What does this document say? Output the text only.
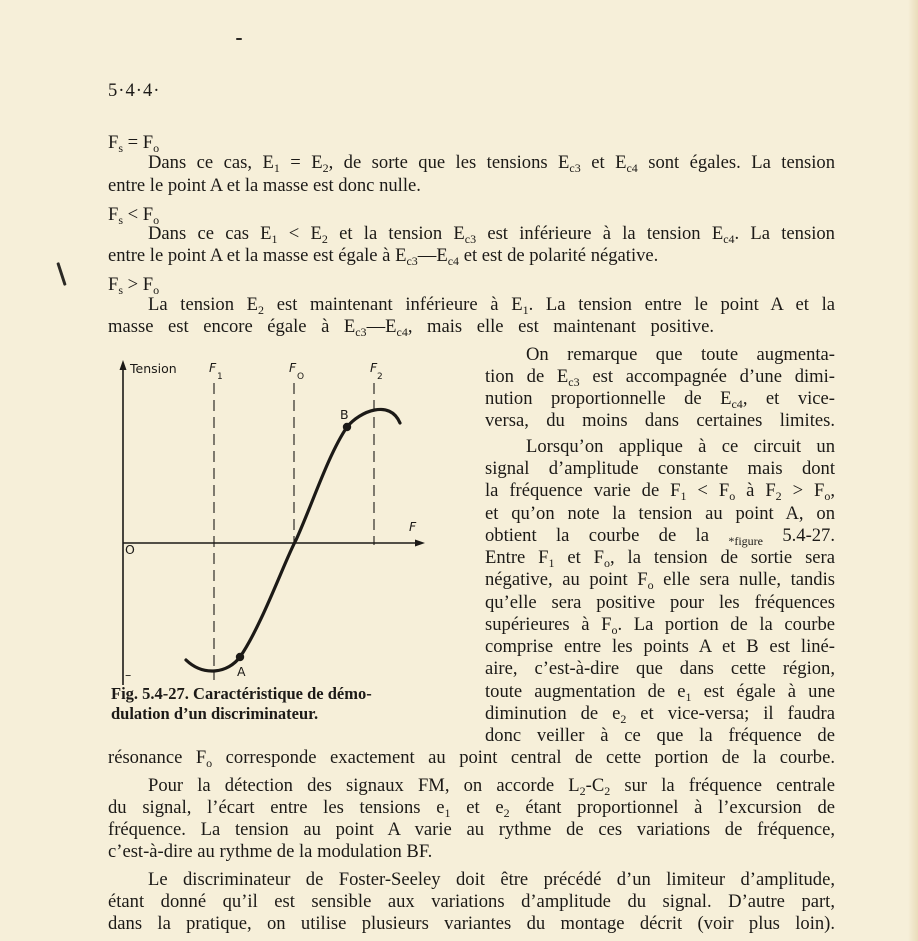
5·4·4·

$F_s = F_o$

Dans ce cas, $E_1 = E_2$, de sorte que les tensions $E_{c3}$ et $E_{c4}$ sont égales. La tension

entre le point A et la masse est donc nulle.

$F_s < F_o$

Dans ce cas $E_1 < E_2$ et la tension $E_{c3}$ est inférieure à la tension $E_{c4}$. La tension

entre le point A et la masse est égale à $E_{c3}—E_{c4}$ et est de polarité négative.

$F_s > F_o$

La tension $E_2$ est maintenant inférieure à $E_1$. La tension entre le point A et la

masse est encore égale à $E_{c3}—E_{c4}$, mais elle est maintenant positive.

On remarque que toute augmenta-

tion de $E_{c3}$ est accompagnée d’une dimi-

nution proportionnelle de $E_{c4}$, et vice-

versa, du moins dans certaines limites.

Lorsqu’on applique à ce circuit un

signal d’amplitude constante mais dont

la fréquence varie de $F_1 < F_o$ à $F_2 > F_o$,

et qu’on note la tension au point A, on

obtient la courbe de la $_{*figure}$ 5.4-27.

Entre $F_1$ et $F_o$, la tension de sortie sera

négative, au point $F_o$ elle sera nulle, tandis

qu’elle sera positive pour les fréquences

supérieures à $F_o$. La portion de la courbe

comprise entre les points A et B est liné-

aire, c’est-à-dire que dans cette région,

toute augmentation de $e_1$ est égale à une

diminution de $e_2$ et vice-versa; il faudra

donc veiller à ce que la fréquence de

Tension
F
O
–
F
1
F
O
F
2
A
B

Fig. 5.4-27. Caractéristique de démo-
dulation d’un discriminateur.

résonance $F_o$ corresponde exactement au point central de cette portion de la courbe.

Pour la détection des signaux FM, on accorde $L_2-C_2$ sur la fréquence centrale

du signal, l’écart entre les tensions $e_1$ et $e_2$ étant proportionnel à l’excursion de

fréquence. La tension au point A varie au rythme de ces variations de fréquence,

c’est-à-dire au rythme de la modulation BF.

Le discriminateur de Foster-Seeley doit être précédé d’un limiteur d’amplitude,

étant donné qu’il est sensible aux variations d’amplitude du signal. D’autre part,

dans la pratique, on utilise plusieurs variantes du montage décrit (voir plus loin).
